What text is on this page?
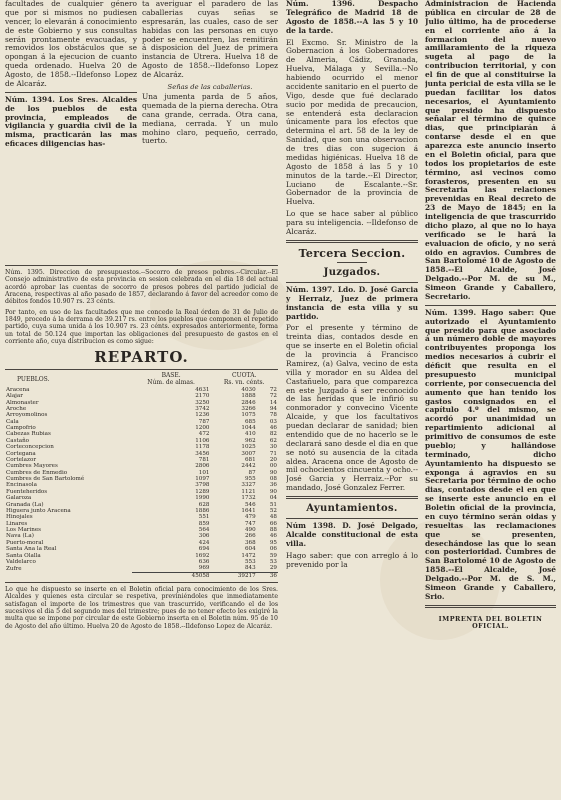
facultades de cualquier género que por si mismos no pudiesen vencer, lo elevarán á conocimiento de este Gobierno y sus consultas serán prontamente evacuadas, y removidos los obstáculos que se opongan á la ejecucion de cuanto queda ordenado. Huelva 20 de Agosto, de 1858.--Ildefonso Lopez de Alcaráz.

Núm. 1394. Los Sres. Alcaldes de los pueblos de esta provincia, empleados de vigilancia y guardia civil de la misma, practicarán las mas eficaces diligencias has-

ta averiguar el paradero de las caballerias cuyas señas se espresarán, las cuales, caso de ser habidas con las personas en cuyo poder se encuentren, las remitirán á disposicion del Juez de primera instancia de Utrera. Huelva 18 de Agosto de 1858.--Ildefonso Lopez de Alcaráz.

Señas de las caballerias.

Una jumenta parda de 5 años, quemada de la pierna derecha. Otra cana grande, cerrada. Otra cana, mediana, cerrada. Y un mulo mohino claro, pequeño, cerrado, tuerto.

Núm. 1395. Direccion de presupuestos.--Socorro de presos pobres.--Circular.--El Consejo administrativo de esta provincia en sesion celebrada en el dia 18 del actual acordó aprobar las cuentas de socorro de presos pobres del partido judicial de Aracena, respectivas al año pasado de 1857, declarando á favor del acreedor como de débitos fondos 10.907 rs. 23 cénts.

Por tanto, en uso de las facultades que me concede la Real órden de 31 de Julio de 1849, procedo á la derrama de 39.217 rs. entre los pueblos que componen el repetido partido, cuya suma unida á los 10.907 rs. 23 cénts. expresados anteriormente, forma un total de 50.124 que importan las obligaciones del presupuesto de gastos en el corriente año, cuya distribucion es como sigue:

REPARTO.
PUEBLOS.	BASE.	CUOTA.	
	Núm. de almas.	Rs. vn. cénts.	
Aracena	4631	4030	72
Alajar	2170	1888	72
Almonaster	3250	2846	14
Aroche	3742	3266	94
Arroyomolinos	1236	1075	78
Cala	787	685	03
Campofrio	1200	1044	46
Cabezas Rubias	472	410	82
Castaño	1106	962	62
Corteconcepcion	1178	1025	30
Cortegana	3456	3007	71
Cortelazor	781	681	20
Cumbres Mayores	2806	2442	00
Cumbres de Enmedio	101	87	90
Cumbres de San Bartolomé	1097	955	08
Encinasola	3798	3327	36
Fuenteheridos	1289	1121	90
Galaroza	1990	1732	04
Granada (La)	628	546	51
Higuera junto Aracena	1886	1641	52
Hinojales	551	479	48
Linares	859	747	66
Los Marines	564	490	88
Nava (La)	306	266	46
Puerto-moral	424	368	95
Santa Ana la Real	694	604	06
Santa Olalla	1692	1472	59
Valdelarco	636	553	53
Zufre	969	843	29
	45058	39217	36

Lo que he dispuesto se inserte en el Boletin oficial para conocimiento de los Sres. Alcaldes y quienes esta circular se respetiva, previniéndoles que inmediatamente satisfagan el importe de los trimestres que van trascurrido, verificando el de los sucesivos el dia 5 del segundo mes del trimestre; pues de no tener efecto les exigiré la multa que se impone por circular de este Gobierno inserta en el Boletin núm. 95 de 10 de Agosto del año último. Huelva 20 de Agosto de 1858.--Ildefonso Lopez de Alcaráz.

Núm. 1396. Despacho Telegráfico de Madrid 18 de Agosto de 1858.--A las 5 y 10 de la tarde.

El Excmo. Sr. Ministro de la Gobernacion á los Gobernadores de Almeria, Cádiz, Granada, Huelva, Málaga y Sevilla.--No habiendo ocurrido el menor accidente sanitario en el puerto de Vigo, desde que fué declarado sucio por medida de precaucion, se entenderá esta declaracion únicamente para los efectos que determina el art. 58 de la ley de Sanidad, que son una observacion de tres dias con sugecion á medidas higiénicas. Huelva 18 de Agosto de 1858 á las 5 y 10 minutos de la tarde.--El Director, Luciano de Escalante.--Sr. Gobernador de la provincia de Huelva.

Lo que se hace saber al público para su inteligencia. --Ildefonso de Alcaráz.

Tercera Seccion.
Juzgados.

Núm. 1397. Ldo. D. José Garcia y Herraiz, Juez de primera instancia de esta villa y su partido.

Por el presente y término de treinta dias, contados desde en que se inserte en el Boletin oficial de la provincia á Francisco Ramirez, (a) Galva, vecino de esta villa y morador en su Aldea del Castañuelo, para que comparezca en este Juzgado á ser reconocido de las heridas que le infirió su conmorador y convecino Vicente Alcaide, y que los facultativos puedan declarar de sanidad; bien entendido que de no hacerlo se le declarará sano desde el dia en que se notó su ausencia de la citada aldea. Aracena once de Agosto de mil ochocientos cincuenta y ocho.--José Garcia y Herraiz.--Por su mandado, José Gonzalez Ferrer.

Ayuntamientos.

Núm 1398. D. José Delgado, Alcalde constitucional de esta villa.

Hago saber: que con arreglo á lo prevenido por la

Administracion de Hacienda pública en circular de 28 de Julio último, ha de procederse en el corriente año á la formacion del nuevo amillaramiento de la riqueza sugeta al pago de la contribucion territorial, y con el fin de que al constituirse la junta pericial de esta villa se le puedan facilitar los datos necesarios, el Ayuntamiento que presido ha dispuesto señalar el término de quince dias, que principiarán á contarse desde el en que aparezca este anuncio inserto en el Boletin oficial, para que todos los propietarios de este término, asi vecinos como forasteros, presenten en su Secretaria las relaciones prevenidas en Real decreto de 23 de Mayo de 1845; en la inteligencia de que trascurrido dicho plazo, al que no lo haya verificado se le hará la evaluacion de oficio, y no será oido en agravios. Cumbres de San Bartolomé 10 de Agosto de 1858.--El Alcalde, José Delgado.--Por M. de su M., Simeon Grande y Caballero, Secretario.

Núm. 1399. Hago saber: Que autorizado el Ayuntamiento que presido para que asociado á un número doble de mayores contribuyentes proponga los medios necesarios á cubrir el déficit que resulta en el presupuesto municipal corriente, por consecuencia del aumento que han tenido los gastos consignados en el capítulo 4.º del mismo, se acordó por unanimidad un repartimiento adicional al primitivo de consumos de este pueblo; y hallándose terminado, dicho Ayuntamiento ha dispuesto se exponga á agravios en su Secretaria por término de ocho dias, contados desde el en que se inserte este anuncio en el Boletin oficial de la provincia, en cuyo término serán oidas y resueltas las reclamaciones que se presenten, desechándose las que lo sean con posterioridad. Cumbres de San Bartolomé 10 de Agosto de 1858.--El Alcalde, José Delgado.--Por M. de S. M., Simeon Grande y Caballero, Srio.

IMPRENTA DEL BOLETIN OFICIAL.
